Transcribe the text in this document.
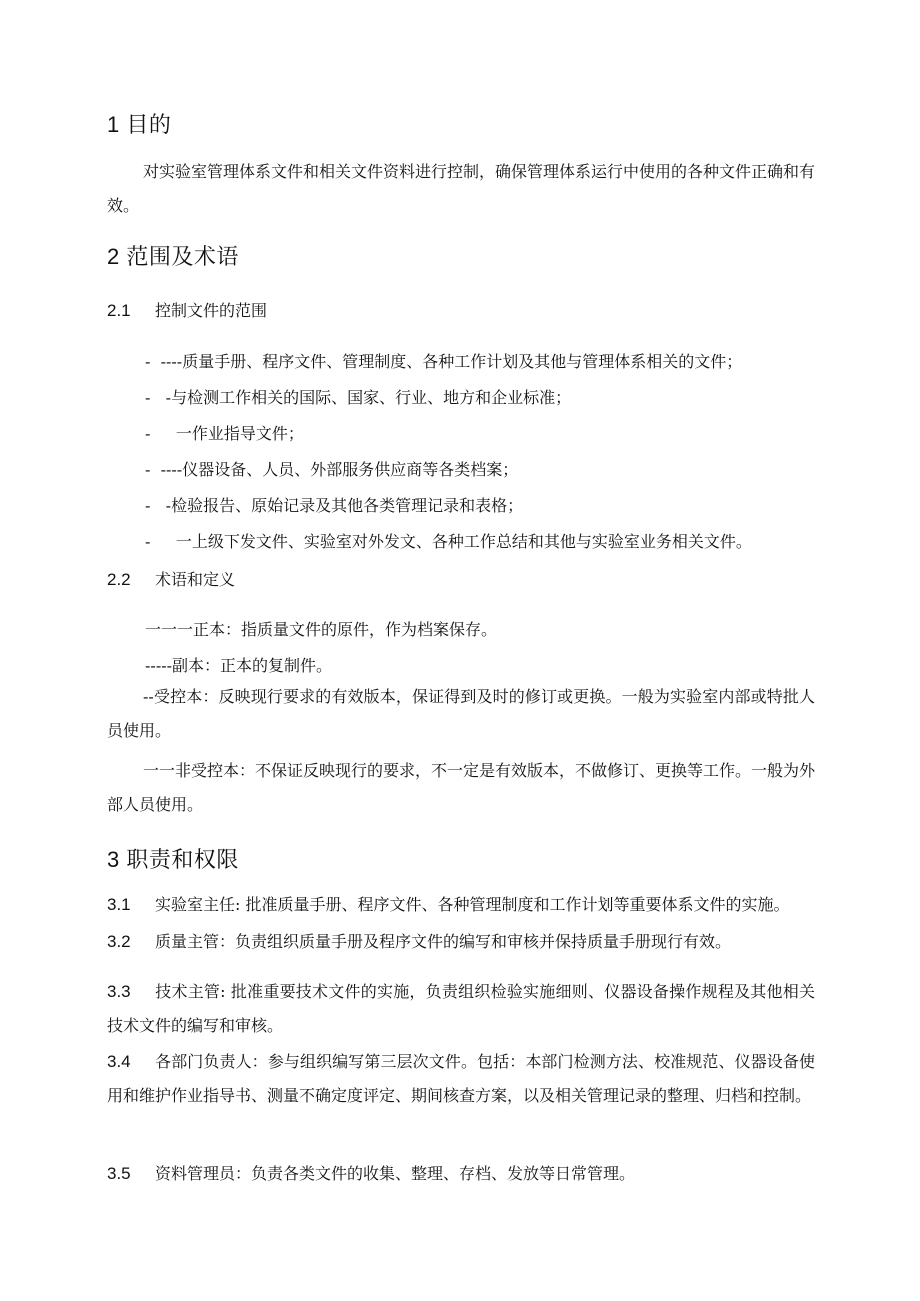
1 目的
对实验室管理体系文件和相关文件资料进行控制，确保管理体系运行中使用的各种文件正确和有效。
2 范围及术语
2.1 控制文件的范围
-  ----质量手册、程序文件、管理制度、各种工作计划及其他与管理体系相关的文件；
-   -与检测工作相关的国际、国家、行业、地方和企业标准；
-     一作业指导文件；
-  ----仪器设备、人员、外部服务供应商等各类档案；
-   -检验报告、原始记录及其他各类管理记录和表格；
-     一上级下发文件、实验室对外发文、各种工作总结和其他与实验室业务相关文件。
2.2 术语和定义
一一一正本：指质量文件的原件，作为档案保存。
-----副本：正本的复制件。
--受控本：反映现行要求的有效版本，保证得到及时的修订或更换。一般为实验室内部或特批人员使用。
一一非受控本：不保证反映现行的要求，不一定是有效版本，不做修订、更换等工作。一般为外部人员使用。
3 职责和权限
3.1 实验室主任: 批准质量手册、程序文件、各种管理制度和工作计划等重要体系文件的实施。
3.2 质量主管：负责组织质量手册及程序文件的编写和审核并保持质量手册现行有效。
3.3 技术主管: 批准重要技术文件的实施，负责组织检验实施细则、仪器设备操作规程及其他相关技术文件的编写和审核。
3.4 各部门负责人：参与组织编写第三层次文件。包括：本部门检测方法、校准规范、仪器设备使用和维护作业指导书、测量不确定度评定、期间核查方案，以及相关管理记录的整理、归档和控制。
3.5 资料管理员：负责各类文件的收集、整理、存档、发放等日常管理。
